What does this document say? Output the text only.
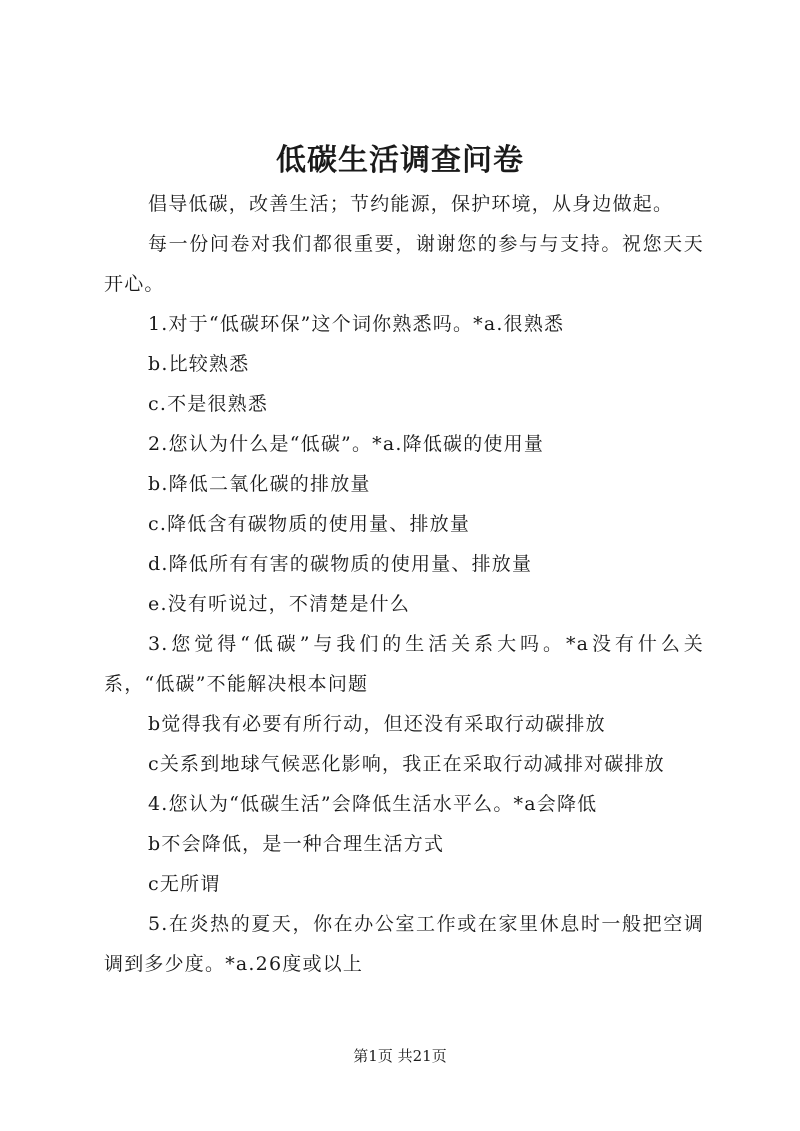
低碳生活调查问卷

倡导低碳，改善生活；节约能源，保护环境，从身边做起。

每一份问卷对我们都很重要，谢谢您的参与与支持。祝您天天开心。

1.对于“低碳环保”这个词你熟悉吗。*a.很熟悉

b.比较熟悉

c.不是很熟悉

2.您认为什么是“低碳”。*a.降低碳的使用量

b.降低二氧化碳的排放量

c.降低含有碳物质的使用量、排放量

d.降低所有有害的碳物质的使用量、排放量

e.没有听说过，不清楚是什么

3.您觉得“低碳”与我们的生活关系大吗。*a没有什么关系，“低碳”不能解决根本问题

b觉得我有必要有所行动，但还没有采取行动碳排放

c关系到地球气候恶化影响，我正在采取行动减排对碳排放

4.您认为“低碳生活”会降低生活水平么。*a会降低

b不会降低，是一种合理生活方式

c无所谓

5.在炎热的夏天，你在办公室工作或在家里休息时一般把空调调到多少度。*a.26度或以上

第1页 共21页
